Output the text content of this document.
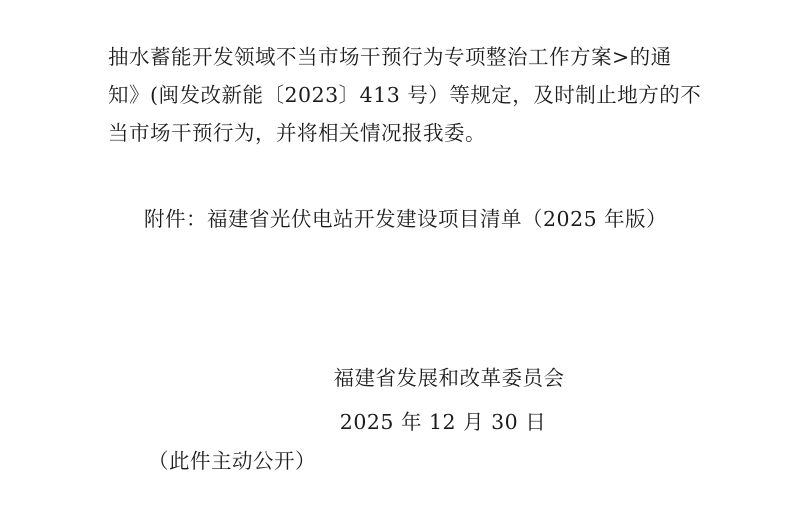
抽水蓄能开发领域不当市场干预行为专项整治工作方案>的通
知》(闽发改新能〔2023〕413 号）等规定，及时制止地方的不
当市场干预行为，并将相关情况报我委。
附件：福建省光伏电站开发建设项目清单（2025 年版）
福建省发展和改革委员会
2025 年 12 月 30 日
（此件主动公开）
